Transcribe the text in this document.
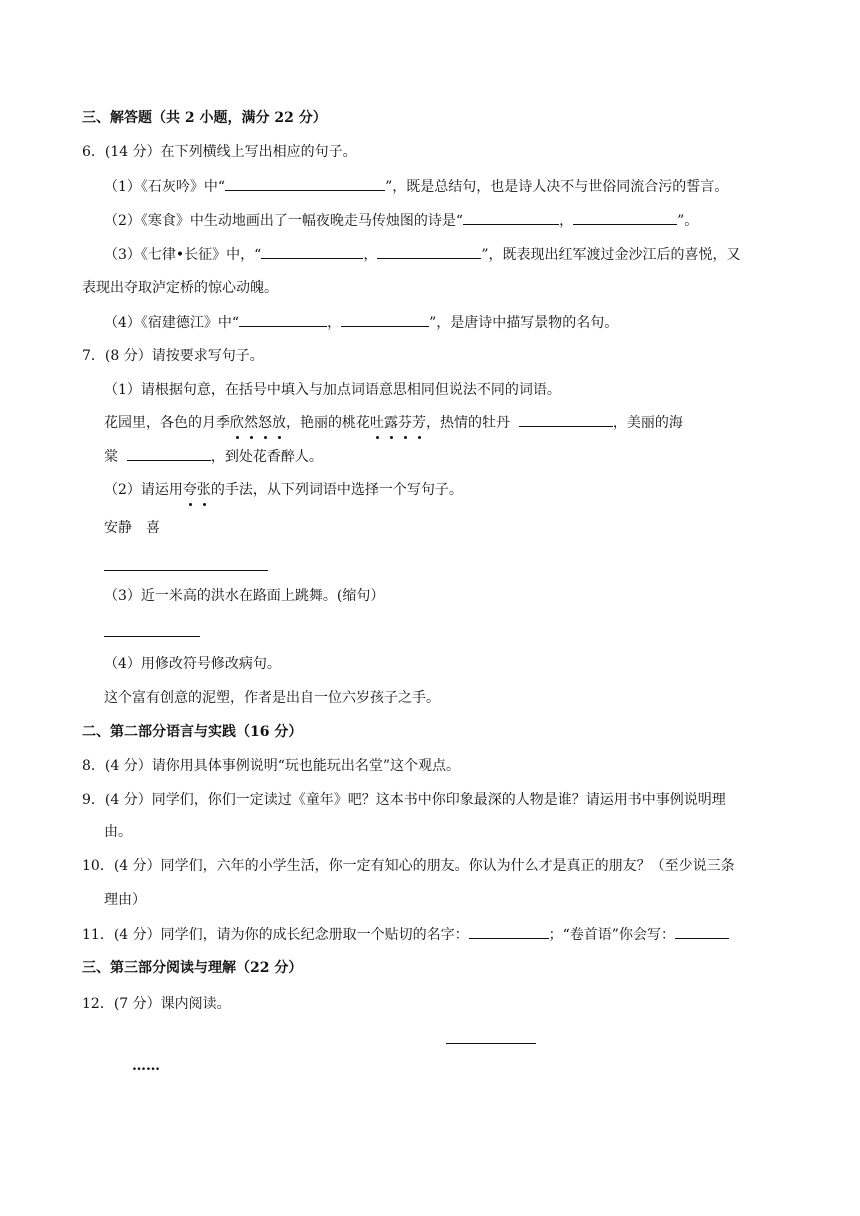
三、解答题（共 2 小题，满分 22 分）
6．(14 分）在下列横线上写出相应的句子。
（1）《石灰吟》中“	”，既是总结句，也是诗人决不与世俗同流合污的誓言。
（2）《寒食》中生动地画出了一幅夜晚走马传烛图的诗是“	，	”。
（3）《七律•长征》中，“	，	”，既表现出红军渡过金沙江后的喜悦，又
表现出夺取泸定桥的惊心动魄。
（4）《宿建德江》中“	，	”，是唐诗中描写景物的名句。
7．(8 分）请按要求写句子。
（1）请根据句意，在括号中填入与加点词语意思相同但说法不同的词语。
花园里，各色的月季欣然怒放，艳丽的桃花吐露芬芳，热情的牡丹	，美丽的海
棠	，到处花香醉人。
（2）请运用夸张的手法，从下列词语中选择一个写句子。
安静　喜
（3）近一米高的洪水在路面上跳舞。(缩句）
（4）用修改符号修改病句。
这个富有创意的泥塑，作者是出自一位六岁孩子之手。
二、第二部分语言与实践（16 分）
8．(4 分）请你用具体事例说明“玩也能玩出名堂”这个观点。
9．(4 分）同学们，你们一定读过《童年》吧？这本书中你印象最深的人物是谁？请运用书中事例说明理
由。
10．(4 分）同学们，六年的小学生活，你一定有知心的朋友。你认为什么才是真正的朋友？（至少说三条
理由）
11．(4 分）同学们，请为你的成长纪念册取一个贴切的名字：	；“卷首语”你会写：
三、第三部分阅读与理解（22 分）
12．(7 分）课内阅读。
……
